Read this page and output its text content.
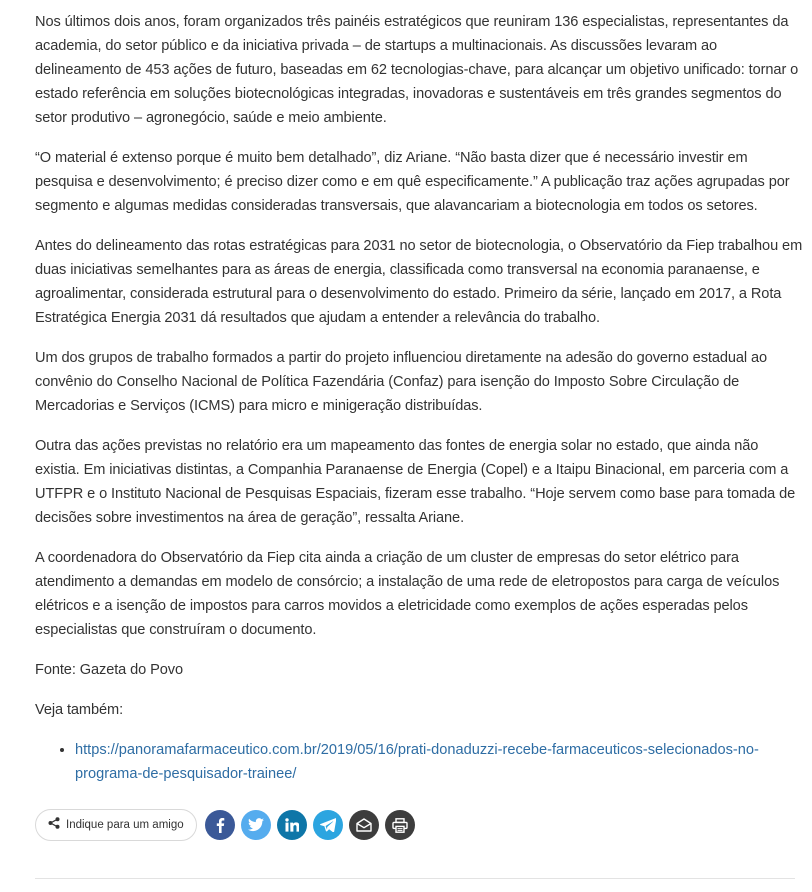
Nos últimos dois anos, foram organizados três painéis estratégicos que reuniram 136 especialistas, representantes da academia, do setor público e da iniciativa privada – de startups a multinacionais. As discussões levaram ao delineamento de 453 ações de futuro, baseadas em 62 tecnologias-chave, para alcançar um objetivo unificado: tornar o estado referência em soluções biotecnológicas integradas, inovadoras e sustentáveis em três grandes segmentos do setor produtivo – agronegócio, saúde e meio ambiente.

“O material é extenso porque é muito bem detalhado”, diz Ariane. “Não basta dizer que é necessário investir em pesquisa e desenvolvimento; é preciso dizer como e em quê especificamente.” A publicação traz ações agrupadas por segmento e algumas medidas consideradas transversais, que alavancariam a biotecnologia em todos os setores.

Antes do delineamento das rotas estratégicas para 2031 no setor de biotecnologia, o Observatório da Fiep trabalhou em duas iniciativas semelhantes para as áreas de energia, classificada como transversal na economia paranaense, e agroalimentar, considerada estrutural para o desenvolvimento do estado. Primeiro da série, lançado em 2017, a Rota Estratégica Energia 2031 dá resultados que ajudam a entender a relevância do trabalho.

Um dos grupos de trabalho formados a partir do projeto influenciou diretamente na adesão do governo estadual ao convênio do Conselho Nacional de Política Fazendária (Confaz) para isenção do Imposto Sobre Circulação de Mercadorias e Serviços (ICMS) para micro e minigeração distribuídas.

Outra das ações previstas no relatório era um mapeamento das fontes de energia solar no estado, que ainda não existia. Em iniciativas distintas, a Companhia Paranaense de Energia (Copel) e a Itaipu Binacional, em parceria com a UTFPR e o Instituto Nacional de Pesquisas Espaciais, fizeram esse trabalho. “Hoje servem como base para tomada de decisões sobre investimentos na área de geração”, ressalta Ariane.

A coordenadora do Observatório da Fiep cita ainda a criação de um cluster de empresas do setor elétrico para atendimento a demandas em modelo de consórcio; a instalação de uma rede de eletropostos para carga de veículos elétricos e a isenção de impostos para carros movidos a eletricidade como exemplos de ações esperadas pelos especialistas que construíram o documento.

Fonte: Gazeta do Povo

Veja também:

• https://panoramafarmaceutico.com.br/2019/05/16/prati-donaduzzi-recebe-farmaceuticos-selecionados-no-programa-de-pesquisador-trainee/
Indique para um amigo
